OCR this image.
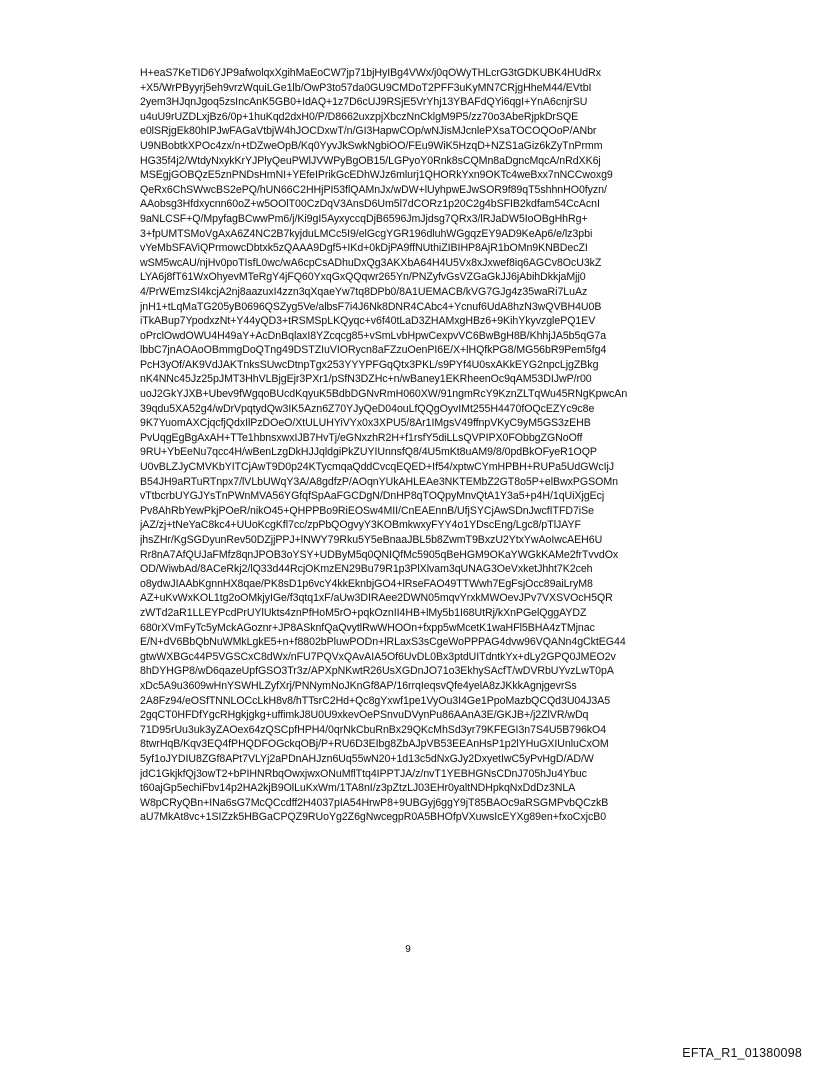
H+eaS7KeTID6YJP9afwolqxXgihMaEoCW7jp71bjHyIBg4VWx/j0qOWyTHLcrG3tGDKUBK4HUdRx
+X5/WrPByyrj5eh9vrzWquiLGe1lb/OwP3to57da0GU9CMDoT2PFF3uKyMN7CRjgHheM44/EVtbI
2yem3HJqnJgoq5zsIncAnK5GB0+IdAQ+1z7D6cUJ9RSjE5VrYhj13YBAFdQYi6qgI+YnA6cnjrSU
u4uU9rUZDLxjBz6/0p+1huKqd2dxH0/P/D8662uxzpjXbczNnCklgM9P5/zz70o3AbeRjpkDrSQE
e0lSRjgEk80hIPJwFAGaVtbjW4hJOCDxwT/n/GI3HapwCOp/wNJisMJcnlePXsaTOCOQOoP/ANbr
U9NBobtkXPOc4zx/n+tDZweOpB/Kq0YyvJkSwkNgbiOO/FEu9WiK5HzqD+NZS1aGiz6kZyTnPrmm
HG35f4j2/WtdyNxykKrYJPlyQeuPWlJVWPyBgOB15/LGPyoY0Rnk8sCQMn8aDgncMqcA/nRdXK6j
MSEgjGOBQzE5znPNDsHmNI+YEfeIPrikGcEDhWJz6mlurj1QHORkYxn9OKTc4weBxx7nNCCwoxg9
QeRx6ChSWwcBS2ePQ/hUN66C2HHjPI53flQAMnJx/wDW+lUyhpwEJwSOR9f89qT5shhnHO0fyzn/
AAobsg3Hfdxycnn60oZ+w5OOlT00CzDqV3AnsD6Um5l7dCORz1p20C2g4bSFIB2kdfam54CcAcnI
9aNLCSF+Q/MpyfagBCwwPm6/j/Ki9gI5AyxyccqDjB6596JmJjdsg7QRx3/lRJaDW5IoOBgHhRg+
3+fpUMTSMoVgAxA6Z4NC2B7kyjduLMCc5I9/elGcgYGR196dluhWGgqzEY9AD9KeAp6/e/lz3pbi
vYeMbSFAViQPrmowcDbtxk5zQAAA9Dgf5+IKd+0kDjPA9ffNUthiZIBIHP8AjR1bOMn9KNBDecZI
wSM5wcAU/njHv0poTIsfL0wc/wA6cpCsADhuDxQg3AKXbA64H4U5Vx8xJxwef8iq6AGCv8OcU3kZ
LYA6j8fT61WxOhyevMTeRgY4jFQ60YxqGxQQqwr265Yn/PNZyfvGsVZGaGkJJ6jAbihDkkjaMjj0
4/PrWEmzSI4kcjA2nj8aazuxI4zzn3qXqaeYw7tq8DPb0/8A1UEMACB/kVG7GJg4z35waRi7LuAz
jnH1+tLqMaTG205yB0696QSZyg5Ve/albsF7i4J6Nk8DNR4CAbc4+Ycnuf6UdA8hzN3wQVBH4U0B
iTkABup7YpodxzNt+Y44yQD3+tRSMSpLKQyqc+v6f40tLaD3ZHAMxgHBz6+9KihYkyvzglePQ1EV
oPrclOwdOWU4H49aY+AcDnBqlaxI8YZcqcg85+vSmLvbHpwCexpvVC6BwBgH8B/KhhjJA5b5qG7a
lbbC7jnAOAoOBmmgDoQTng49DSTZIuVIORycn8aFZzuOenPI6E/X+lHQfkPG8/MG56bR9Pem5fg4
PcH3yOf/AK9VdJAKTnksSUwcDtnpTgx253YYYPFGqQtx3PKL/s9PYf4U0sxAKkEYG2npcLjgZBkg
nK4NNc45Jz25pJMT3HhVLBjgEjr3PXr1/pSfN3DZHc+n/wBaney1EKRheenOc9qAM53DIJwP/r00
uoJ2GkYJXB+Ubev9fWgqoBUcdKqyuK5BdbDGNvRmH060XW/91ngmRcY9KznZLTqWu45RNgKpwcAn
39qdu5XA52g4/wDrVpqtydQw3IK5Azn6Z70YJyQeD04ouLfQQgOyvIMt255H4470fOQcEZYc9c8e
9K7YuomAXCjqcfjQdxIlPzDOeO/XtULUHYiVYx0x3XPU5/8Ar1IMgsV49ffnpVKyC9yM5GS3zEHB
PvUqgEgBgAxAH+TTe1hbnsxwxIJB7HvTj/eGNxzhR2H+f1rsfY5diLLsQVPIPX0FObbgZGNoOff
9RU+YbEeNu7qcc4H/wBenLzgDkHJJqldgiPkZUYIUnnsfQ8/4U5mKt8uAM9/8/0pdBkOFyeR1OQP
U0vBLZJyCMVKbYITCjAwT9D0p24KTycmqaQddCvcqEQED+If54/xptwCYmHPBH+RUPa5UdGWcIjJ
B54JH9aRTuRTnpx7/lVLbUWqY3A/A8gdfzP/AOqnYUkAHLEAe3NKTEMbZ2GT8o5P+elBwxPGSOMn
vTtbcrbUYGJYsTnPWnMVA56YGfqfSpAaFGCDgN/DnHP8qTOQpyMnvQtA1Y3a5+p4H/1qUiXjgEcj
Pv8AhRbYewPkjPOeR/nikO45+QHPPBo9RiEOSw4MII/CnEAEnnB/UfjSYCjAwSDnJwcfITFD7iSe
jAZ/zj+tNeYaC8kc4+UUoKcgKfl7cc/zpPbQOgvyY3KOBmkwxyFYY4o1YDscEng/Lgc8/pTlJAYF
jhsZHr/KgSGDyunRev50DZjjPPJ+lNWY79Rku5Y5eBnaaJBL5b8ZwmT9BxzU2YtxYwAoIwcAEH6U
Rr8nA7AfQUJaFMfz8qnJPOB3oYSY+UDByM5q0QNIQfMc5905qBeHGM9OKaYWGkKAMe2frTvvdOx
OD/WiwbAd/8ACeRkj2/lQ33d44RcjOKmzEN29Bu79R1p3PlXlvam3qUNAG3OeVxketJhht7K2ceh
o8ydwJIAAbKgnnHX8qae/PK8sD1p6vcY4kkEknbjGO4+lRseFAO49TTWwh7EgFsjOcc89aiLryM8
AZ+uKvWxKOL1tg2oOMkjyIGe/f3qtq1xF/aUw3DIRAee2DWN05mqvYrxkMWOevJPv7VXSVOcH5QR
zWTd2aR1LLEYPcdPrUYlUkts4znPfHoM5rO+pqkOznII4HB+lMy5b1I68UtRj/kXnPGelQggAYDZ
680rXVmFyTc5yMckAGoznr+JP8ASknfQaQvytlRwWHOOn+fxpp5wMcetK1waHFl5BHA4zTMjnac
E/N+dV6BbQbNuWMkLgkE5+n+f8802bPluwPODn+lRLaxS3sCgeWoPPPAG4dvw96VQANn4gCktEG44
gtwWXBGc44P5VGSCxC8dWx/nFU7PQVxQAvAIA5Of6UvDL0Bx3ptdUITdntkYx+dLy2GPQ0JMEO2v
8hDYHGP8/wD6qazeUpfGSO3Tr3z/APXpNKwtR26UsXGDnJO71o3EkhySAcfT/wDVRbUYvzLwT0pA
xDc5A9u3609wHnYSWHLZyfXrj/PNNymNoJKnGf8AP/16rrqIeqsvQfe4yelA8zJKkkAgnjgevrSs
2A8Fz94/eOSfTNNLOCcLkH8v8/hTTsrC2Hd+Qc8gYxwf1pe1VyOu3I4Ge1PpoMazbQCQd3U04J3A5
2gqCT0HFDfYgcRHgkjgkg+uffimkJ8U0U9xkevOePSnvuDVynPu86AAnA3E/GKJB+/j2ZlVR/wDq
71D95rUu3uk3yZAOex64zQSCpfHPH4/0qrNkCbuRnBx29QKcMhSd3yr79KFEGI3n7S4U5B796kO4
8twrHqB/Kqv3EQ4fPHQDFOGckqOBj/P+RU6D3EIbg8ZbAJpVB53EEAnHsP1p2lYHuGXIUnluCxOM
5yf1oJYDIU8ZGf8APt7VLYj2aPDnAHJzn6Uq55wN20+1d13c5dNxGJy2DxyetIwC5yPvHgD/AD/W
jdC1GkjkfQj3owT2+bPIHNRbqOwxjwxONuMflTtq4IPPTJA/z/nvT1YEBHGNsCDnJ705hJu4Ybuc
t60ajGp5echiFbv14p2HA2kjB9OlLuKxWm/1TA8nI/z3pZtzLJ03EHr0yaltNDHpkqNxDdDz3NLA
W8pCRyQBn+INa6sG7McQCcdff2H4037pIA54HrwP8+9UBGyj6ggY9jT85BAOc9aRSGMPvbQCzkB
aU7MkAt8vc+1SIZzk5HBGaCPQZ9RUoYg2Z6gNwcegpR0A5BHOfpVXuwsIcEYXg89en+fxoCxjcB0
9
EFTA_R1_01380098
